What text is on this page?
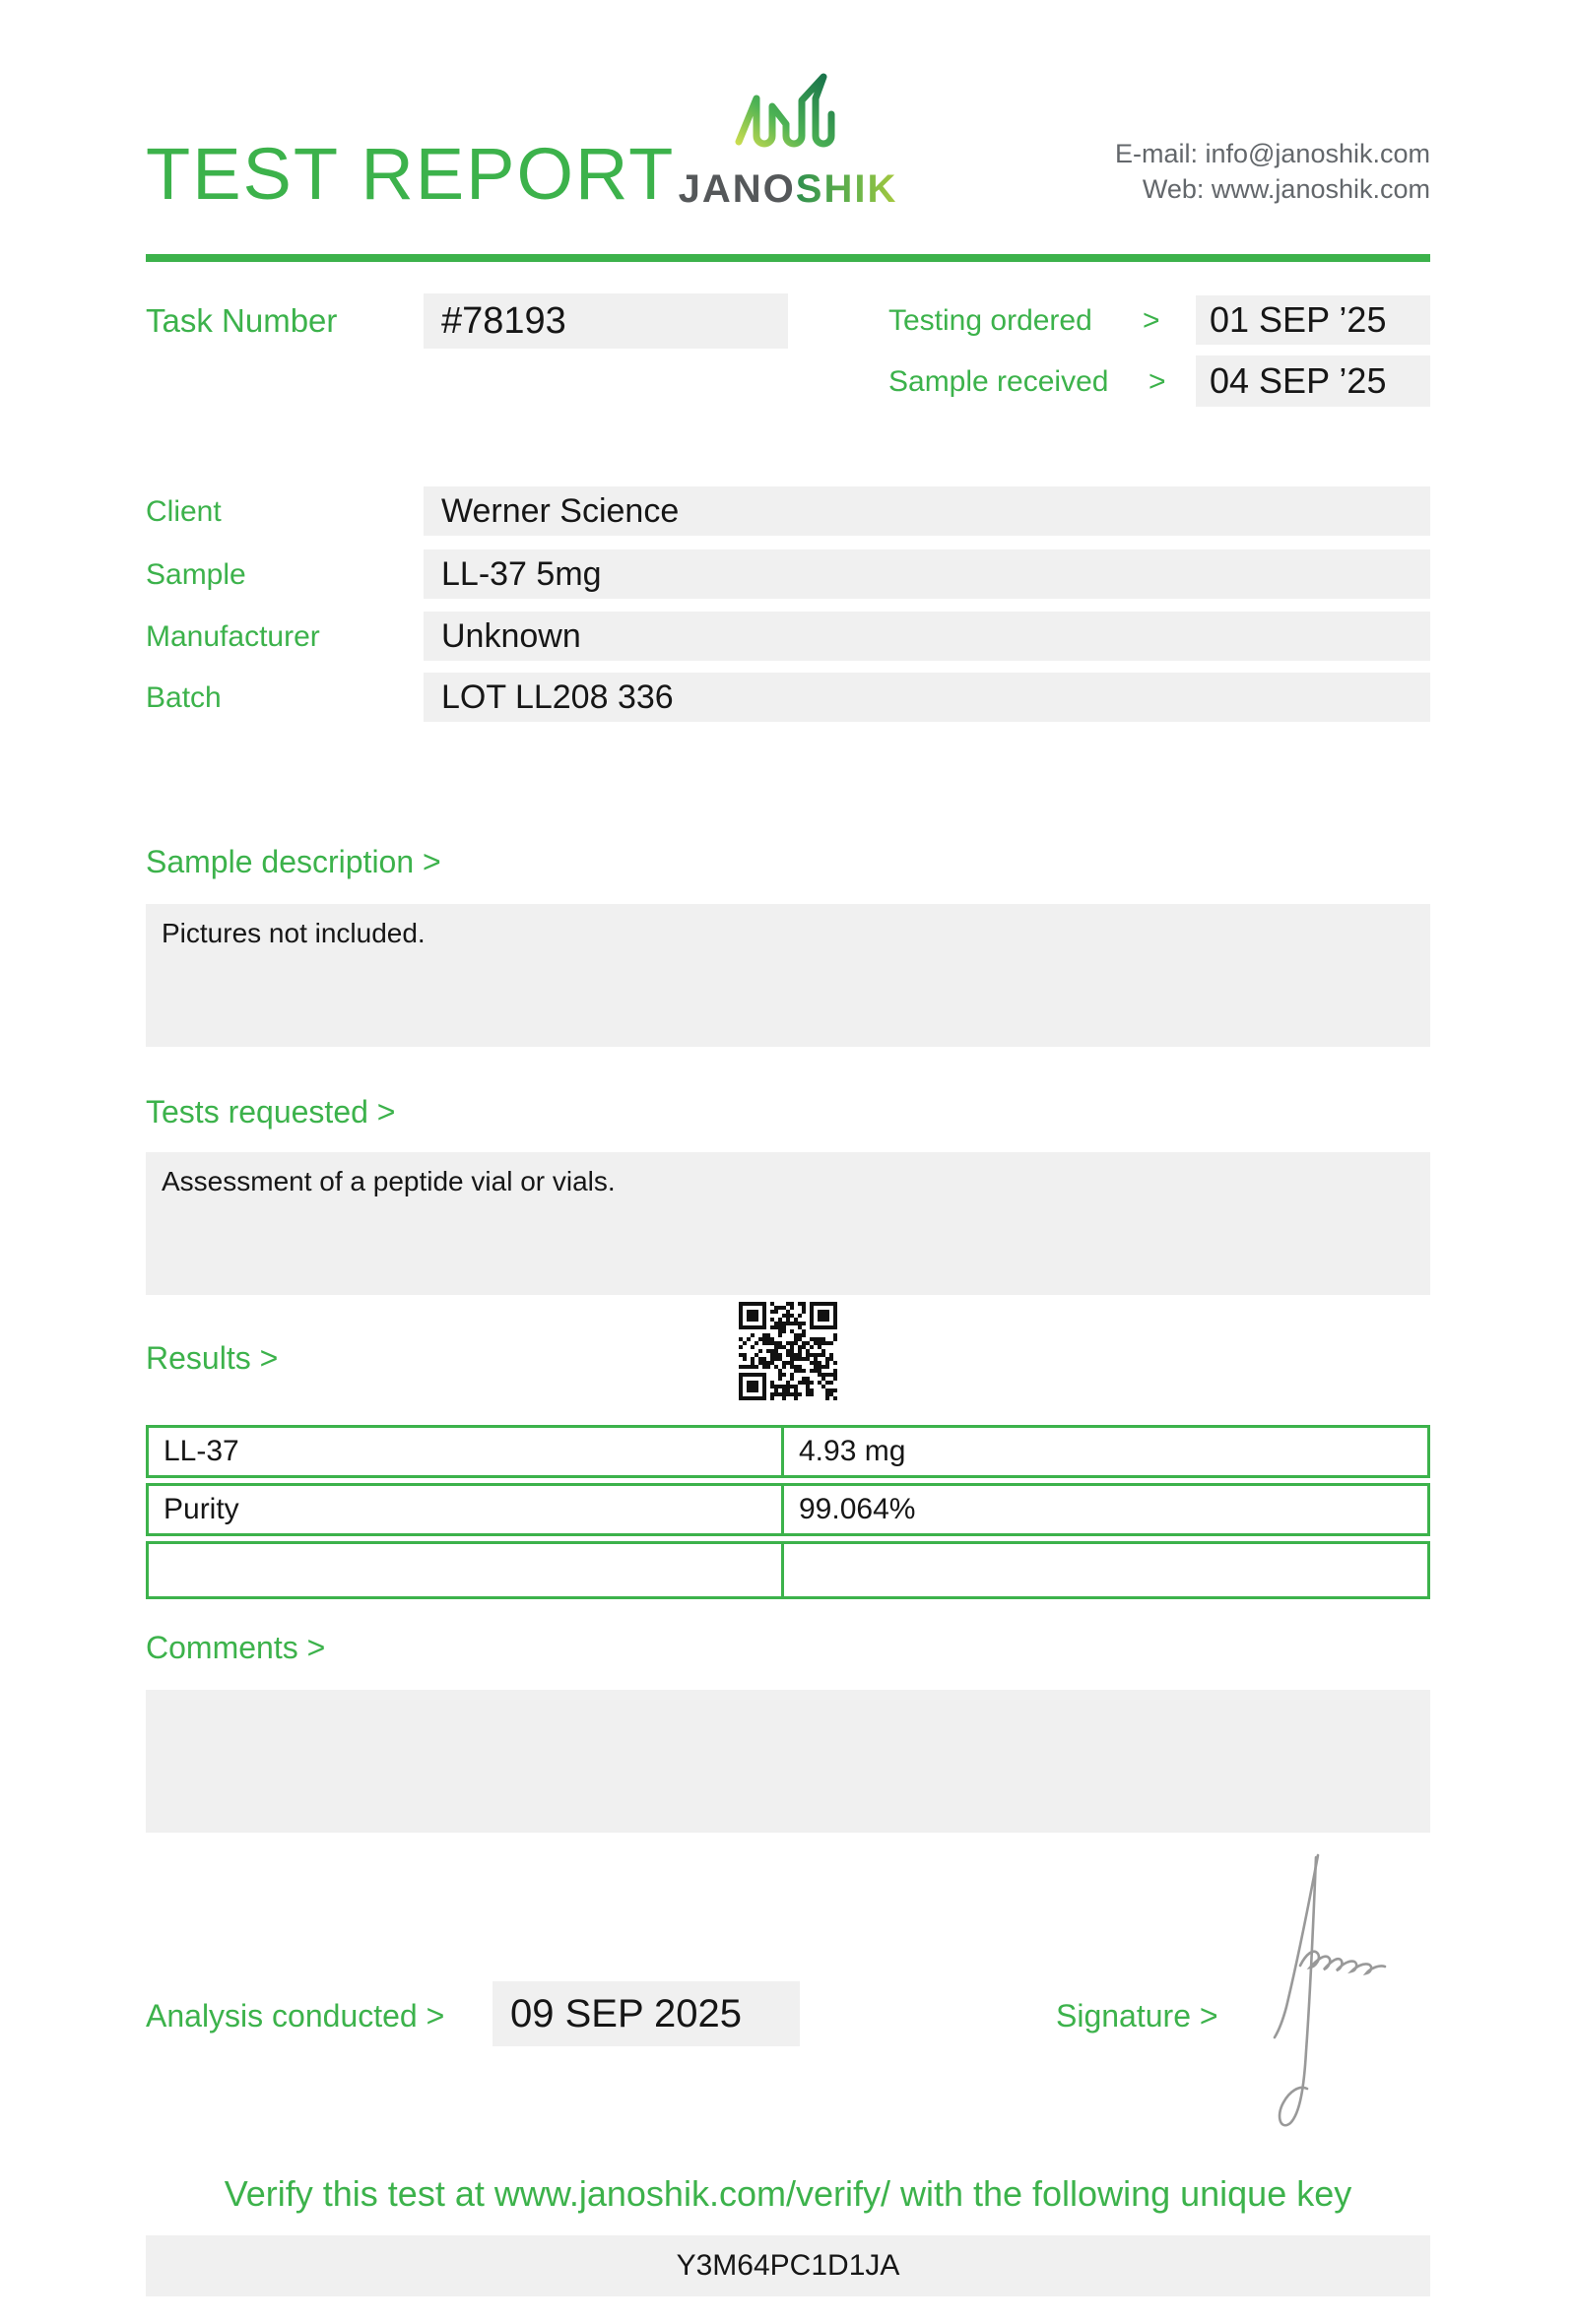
TEST REPORT JANOSHIK
E-mail: info@janoshik.com
Web: www.janoshik.com
Task Number	#78193	Testing ordered >	01 SEP ’25
Sample received >	04 SEP ’25
Client	Werner Science
Sample	LL-37 5mg
Manufacturer	Unknown
Batch	LOT LL208 336
Sample description >
Pictures not included.
Tests requested >
Assessment of a peptide vial or vials.
Results >
LL-37	4.93 mg
Purity	99.064%
Comments >
Analysis conducted >	09 SEP 2025	Signature >
Verify this test at www.janoshik.com/verify/ with the following unique key
Y3M64PC1D1JA
